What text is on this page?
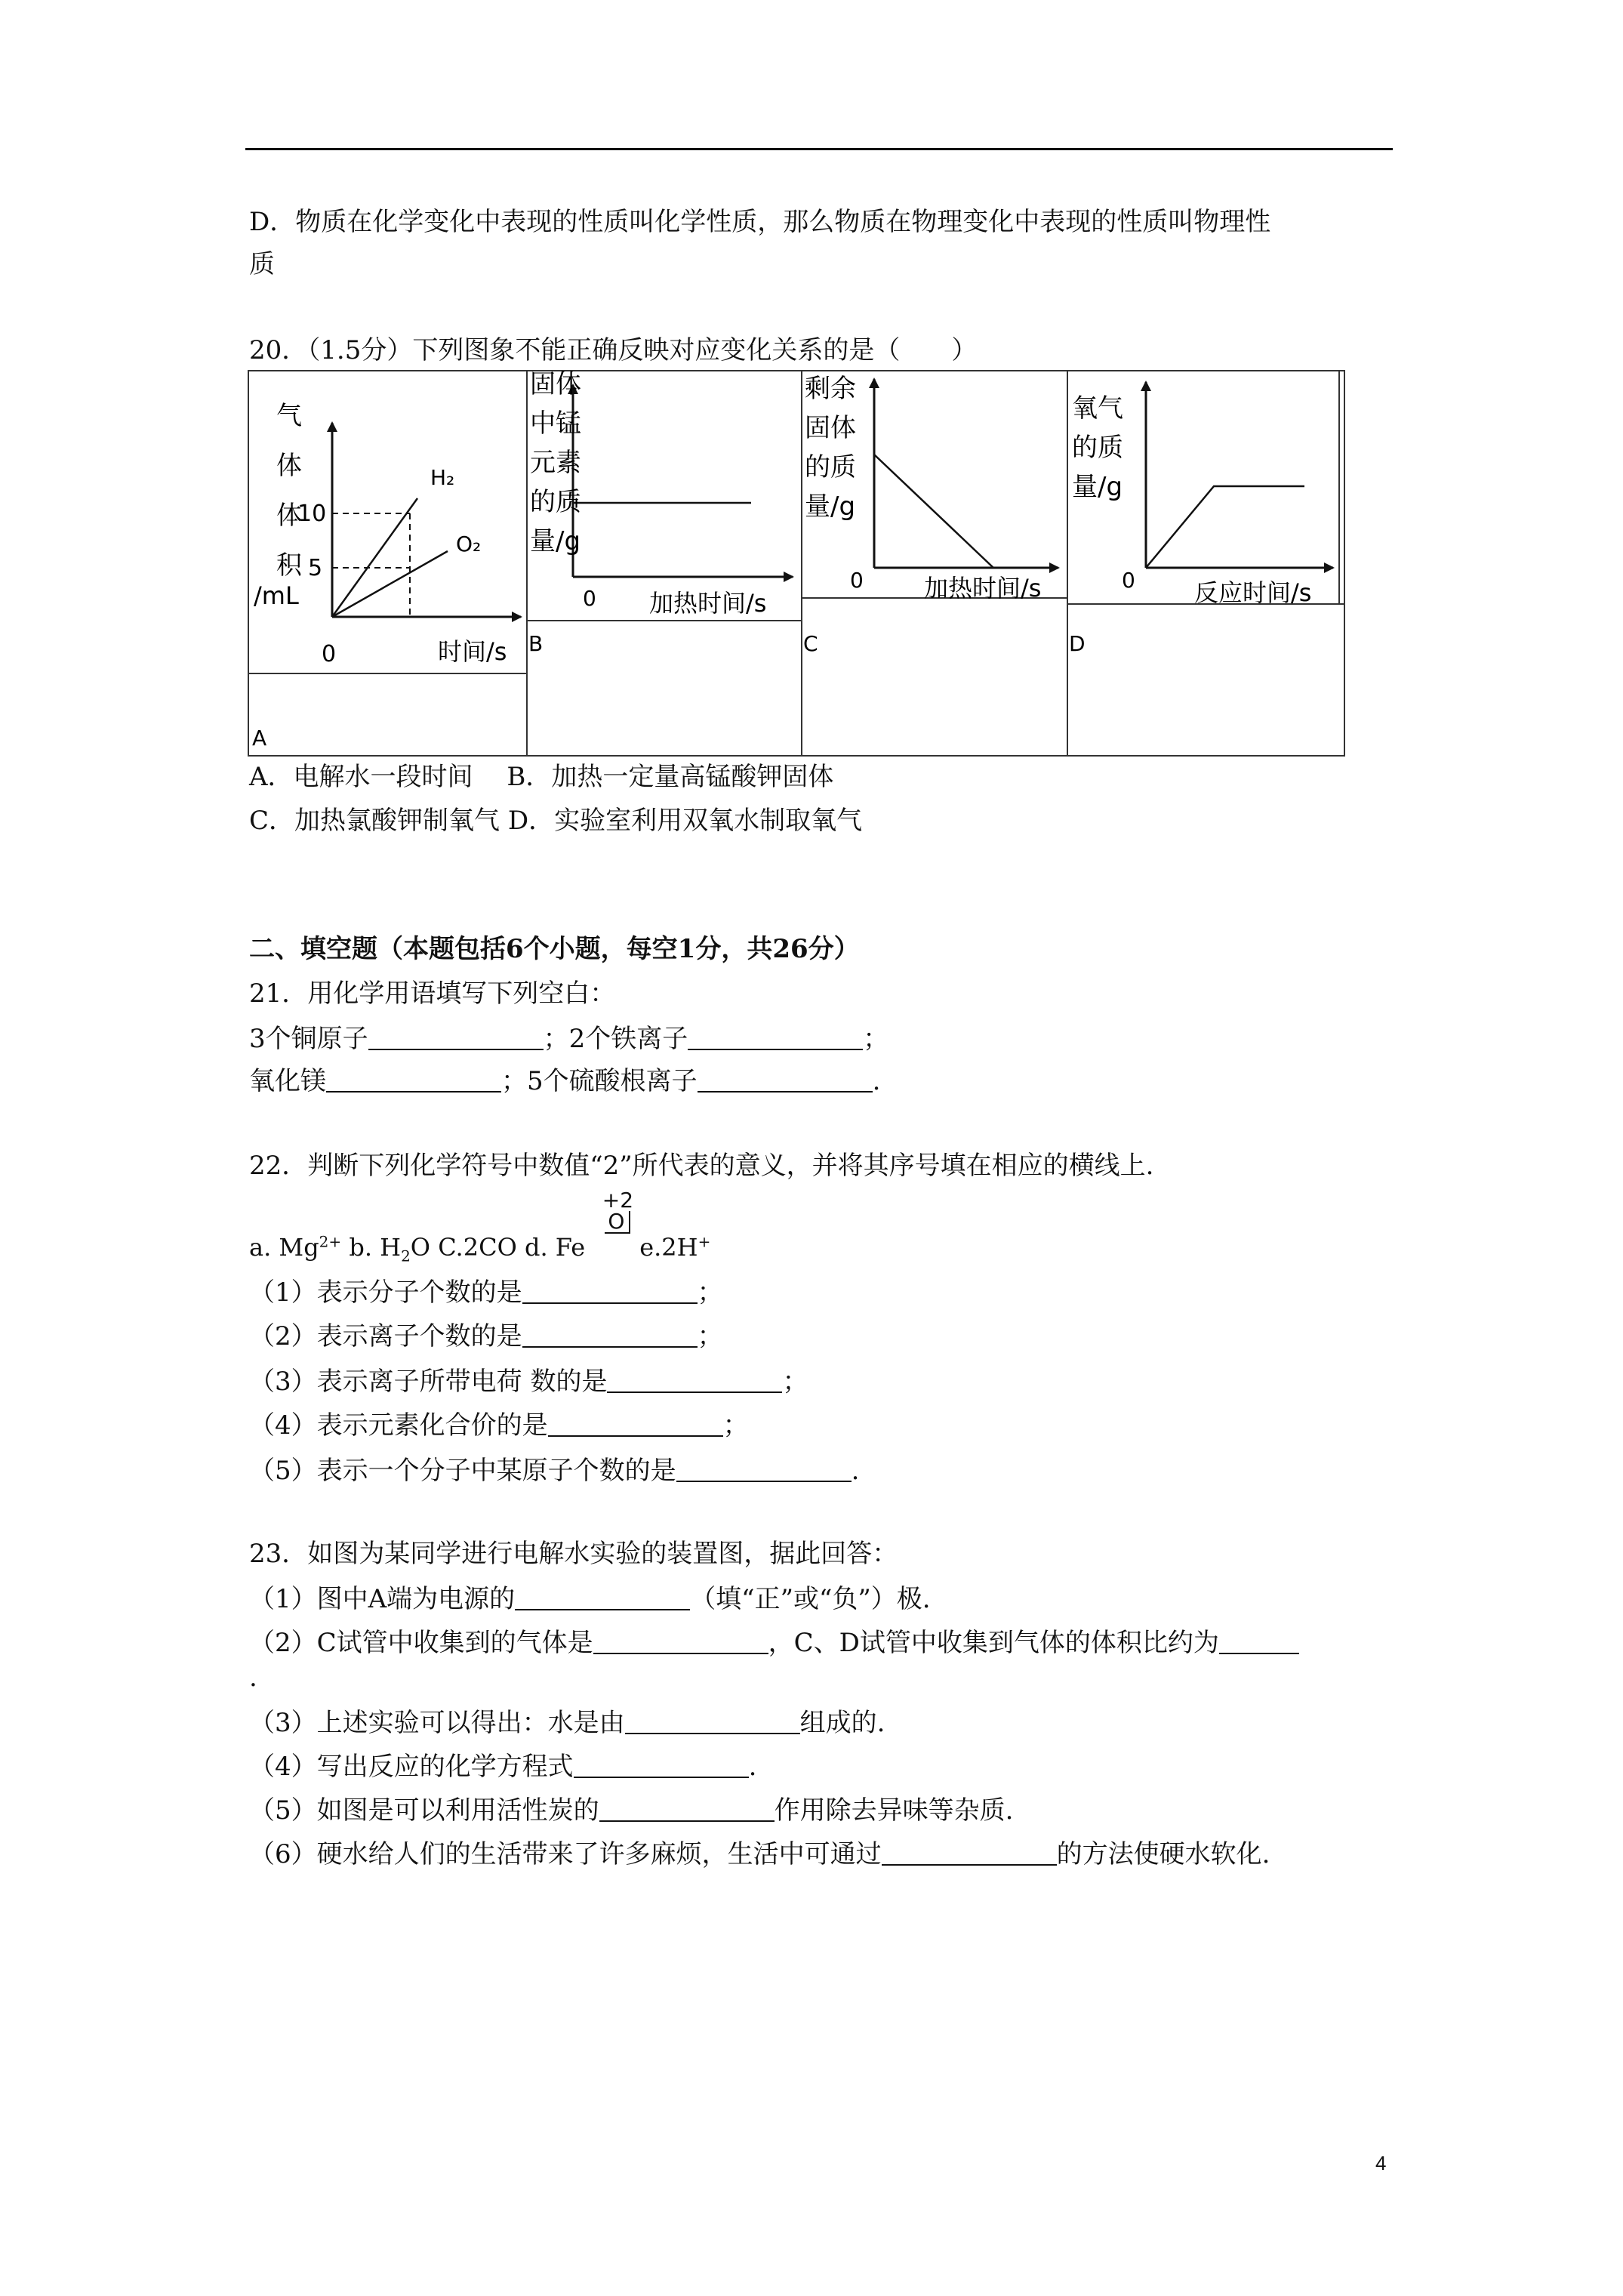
D．物质在化学变化中表现的性质叫化学性质，那么物质在物理变化中表现的性质叫物理性
质
20．（1.5分）下列图象不能正确反映对应变化关系的是（　　）
气
体
体
积
/mL
10
5
H₂
O₂
0	时间/s
A
固体
中锰
元素
的质
量/g
0 加热时间/s
B
剩余
固体
的质
量/g
0	加热时间/s
C
氧气
的质
量/g
0 反应时间/s
D
A．电解水一段时间　 B．加热一定量高锰酸钾固体
C．加热氯酸钾制氧气 D．实验室利用双氧水制取氧气
二、填空题（本题包括6个小题，每空1分，共26分）
21．用化学用语填写下列空白：
3个铜原子	；2个铁离子	；
氧化镁	；5个硫酸根离子	.
22．判断下列化学符号中数值“2”所代表的意义，并将其序号填在相应的横线上.
a. $Mg^{2+}$ b. $H_2O$ C.2CO d. Fe
+2
O
e.2H+
（1）表示分子个数的是	；
（2）表示离子个数的是	；
（3）表示离子所带电荷 数的是	；
（4）表示元素化合价的是	；
（5）表示一个分子中某原子个数的是	.
23．如图为某同学进行电解水实验的装置图，据此回答：
（1）图中A端为电源的	（填“正”或“负”）极.
（2）C试管中收集到的气体是	，C、D试管中收集到气体的体积比约为
.
（3）上述实验可以得出：水是由	组成的.
（4）写出反应的化学方程式	.
（5）如图是可以利用活性炭的	作用除去异味等杂质.
（6）硬水给人们的生活带来了许多麻烦，生活中可通过	的方法使硬水软化.
4
